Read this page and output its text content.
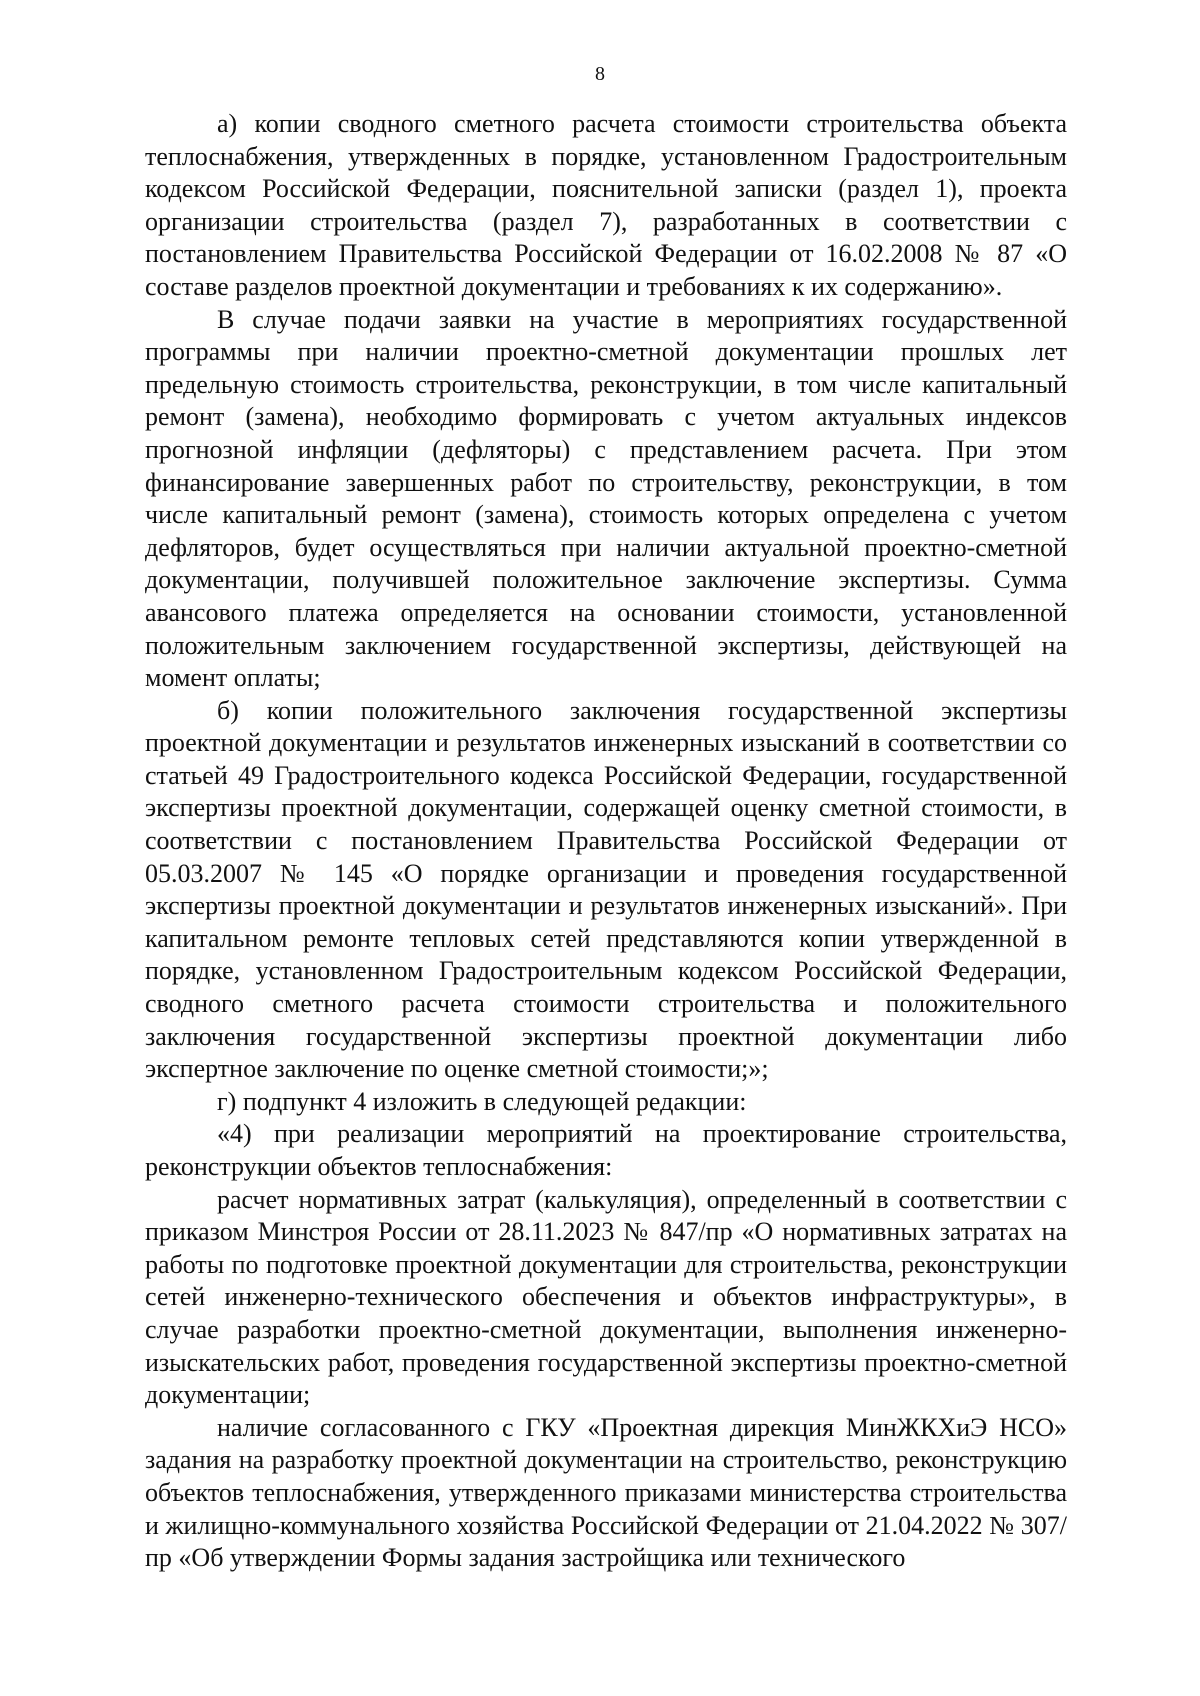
8

а) копии сводного сметного расчета стоимости строительства объекта теплоснабжения, утвержденных в порядке, установленном Градостроительным кодексом Российской Федерации, пояснительной записки (раздел 1), проекта организации строительства (раздел 7), разработанных в соответствии с постановлением Правительства Российской Федерации от 16.02.2008 № 87 «О составе разделов проектной документации и требованиях к их содержанию».

В случае подачи заявки на участие в мероприятиях государственной программы при наличии проектно-сметной документации прошлых лет предельную стоимость строительства, реконструкции, в том числе капитальный ремонт (замена), необходимо формировать с учетом актуальных индексов прогнозной инфляции (дефляторы) с представлением расчета. При этом финансирование завершенных работ по строительству, реконструкции, в том числе капитальный ремонт (замена), стоимость которых определена с учетом дефляторов, будет осуществляться при наличии актуальной проектно-сметной документации, получившей положительное заключение экспертизы. Сумма авансового платежа определяется на основании стоимости, установленной положительным заключением государственной экспертизы, действующей на момент оплаты;

б) копии положительного заключения государственной экспертизы проектной документации и результатов инженерных изысканий в соответствии со статьей 49 Градостроительного кодекса Российской Федерации, государственной экспертизы проектной документации, содержащей оценку сметной стоимости, в соответствии с постановлением Правительства Российской Федерации от 05.03.2007 № 145 «О порядке организации и проведения государственной экспертизы проектной документации и результатов инженерных изысканий». При капитальном ремонте тепловых сетей представляются копии утвержденной в порядке, установленном Градостроительным кодексом Российской Федерации, сводного сметного расчета стоимости строительства и положительного заключения государственной экспертизы проектной документации либо экспертное заключение по оценке сметной стоимости;»;

г) подпункт 4 изложить в следующей редакции:

«4) при реализации мероприятий на проектирование строительства, реконструкции объектов теплоснабжения:

расчет нормативных затрат (калькуляция), определенный в соответствии с приказом Минстроя России от 28.11.2023 № 847/пр «О нормативных затратах на работы по подготовке проектной документации для строительства, реконструкции сетей инженерно-технического обеспечения и объектов инфраструктуры», в случае разработки проектно-сметной документации, выполнения инженерно-изыскательских работ, проведения государственной экспертизы проектно-сметной документации;

наличие согласованного с ГКУ «Проектная дирекция МинЖКХиЭ НСО» задания на разработку проектной документации на строительство, реконструкцию объектов теплоснабжения, утвержденного приказами министерства строительства и жилищно-коммунального хозяйства Российской Федерации от 21.04.2022 № 307/пр «Об утверждении Формы задания застройщика или технического
